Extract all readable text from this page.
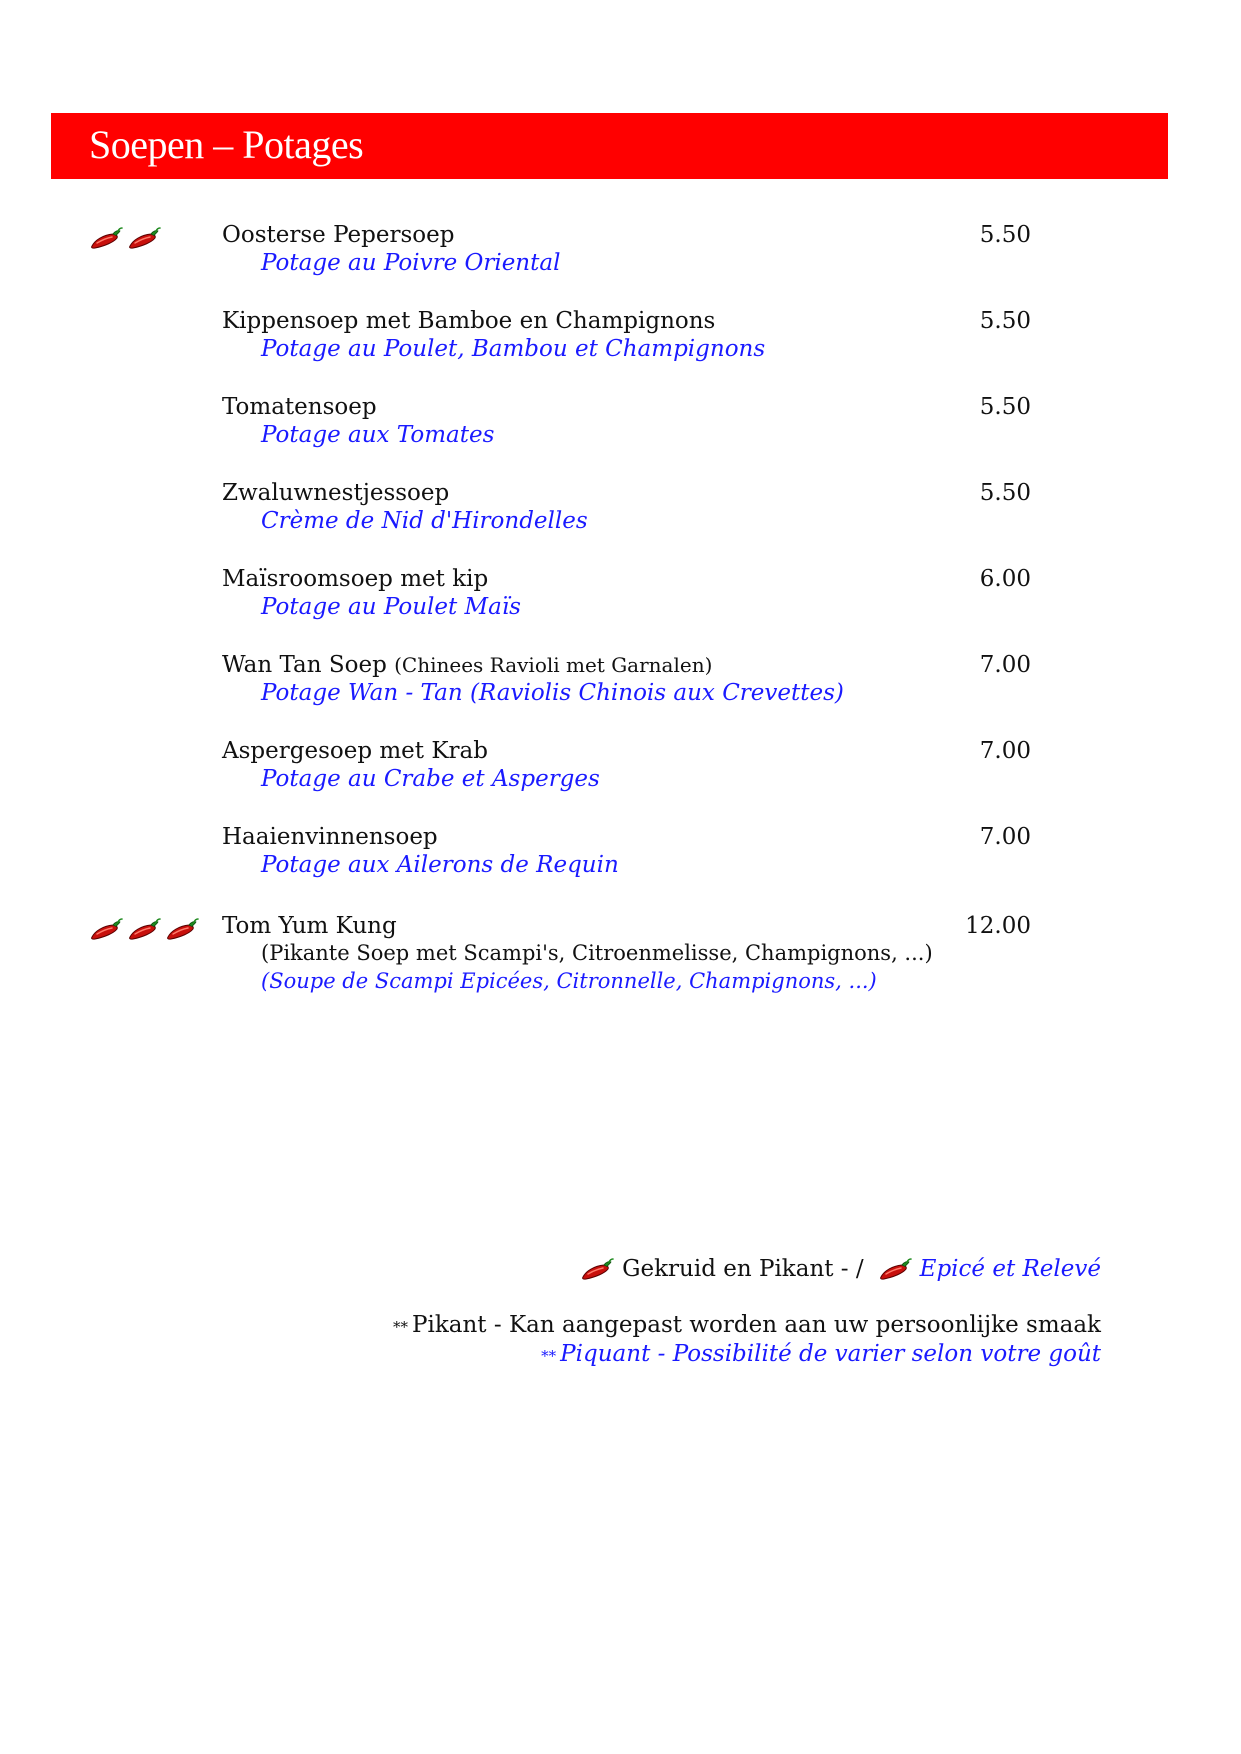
Soepen – Potages
Oosterse Pepersoep
Potage au Poivre Oriental
5.50
Kippensoep met Bamboe en Champignons
Potage au Poulet, Bambou et Champignons
5.50
Tomatensoep
Potage aux Tomates
5.50
Zwaluwnestjessoep
Crème de Nid d'Hirondelles
5.50
Maïsroomsoep met kip
Potage au Poulet Maïs
6.00
Wan Tan Soep (Chinees Ravioli met Garnalen)
Potage Wan - Tan (Raviolis Chinois aux Crevettes)
7.00
Aspergesoep met Krab
Potage au Crabe et Asperges
7.00
Haaienvinnensoep
Potage aux Ailerons de Requin
7.00
Tom Yum Kung
(Pikante Soep met Scampi's, Citroenmelisse, Champignons, ...)
(Soupe de Scampi Epicées, Citronnelle, Champignons, ...)
12.00
Gekruid en Pikant - / Epicé et Relevé
** Pikant - Kan aangepast worden aan uw persoonlijke smaak
** Piquant - Possibilité de varier selon votre goût
